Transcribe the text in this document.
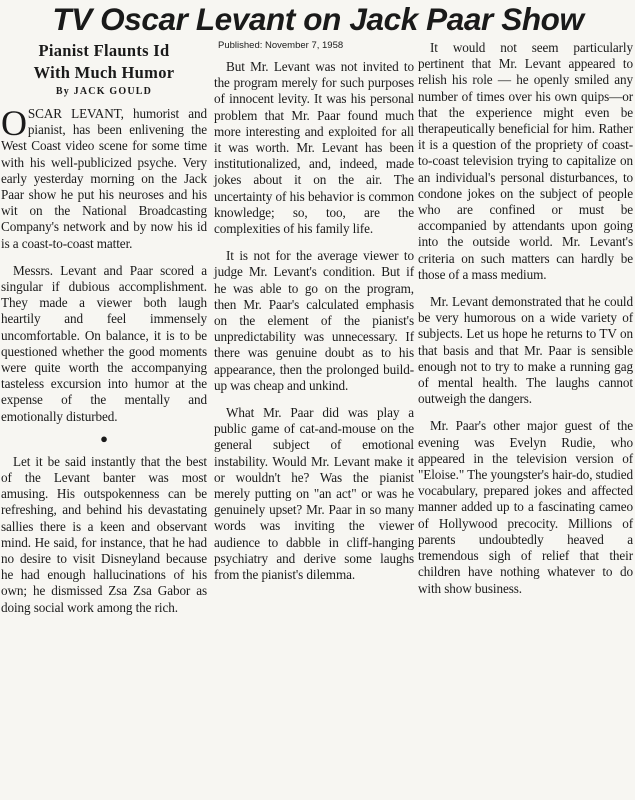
TV Oscar Levant on Jack Paar Show
Pianist Flaunts Id
With Much Humor
By JACK GOULD

OSCAR LEVANT, humorist and pianist, has been enlivening the West Coast video scene for some time with his well-publicized psyche. Very early yesterday morning on the Jack Paar show he put his neuroses and his wit on the National Broadcasting Company's network and by now his id is a coast-to-coast matter.

Messrs. Levant and Paar scored a singular if dubious accomplishment. They made a viewer both laugh heartily and feel immensely uncomfortable. On balance, it is to be questioned whether the good moments were quite worth the accompanying tasteless excursion into humor at the expense of the mentally and emotionally disturbed.

●

Let it be said instantly that the best of the Levant banter was most amusing. His outspokenness can be refreshing, and behind his devastating sallies there is a keen and observant mind. He said, for instance, that he had no desire to visit Disneyland because he had enough hallucinations of his own; he dismissed Zsa Zsa Gabor as doing social work among the rich.

Published: November 7, 1958

But Mr. Levant was not invited to the program merely for such purposes of innocent levity. It was his personal problem that Mr. Paar found much more interesting and exploited for all it was worth. Mr. Levant has been institutionalized, and, indeed, made jokes about it on the air. The uncertainty of his behavior is common knowledge; so, too, are the complexities of his family life.

It is not for the average viewer to judge Mr. Levant's condition. But if he was able to go on the program, then Mr. Paar's calculated emphasis on the element of the pianist's unpredictability was unnecessary. If there was genuine doubt as to his appearance, then the prolonged build-up was cheap and unkind.

What Mr. Paar did was play a public game of cat-and-mouse on the general subject of emotional instability. Would Mr. Levant make it or wouldn't he? Was the pianist merely putting on "an act" or was he genuinely upset? Mr. Paar in so many words was inviting the viewer audience to dabble in cliff-hanging psychiatry and derive some laughs from the pianist's dilemma.

It would not seem particularly pertinent that Mr. Levant appeared to relish his role — he openly smiled any number of times over his own quips—or that the experience might even be therapeutically beneficial for him. Rather it is a question of the propriety of coast-to-coast television trying to capitalize on an individual's personal disturbances, to condone jokes on the subject of people who are confined or must be accompanied by attendants upon going into the outside world. Mr. Levant's criteria on such matters can hardly be those of a mass medium.

Mr. Levant demonstrated that he could be very humorous on a wide variety of subjects. Let us hope he returns to TV on that basis and that Mr. Paar is sensible enough not to try to make a running gag of mental health. The laughs cannot outweigh the dangers.

Mr. Paar's other major guest of the evening was Evelyn Rudie, who appeared in the television version of "Eloise." The youngster's hair-do, studied vocabulary, prepared jokes and affected manner added up to a fascinating cameo of Hollywood precocity. Millions of parents undoubtedly heaved a tremendous sigh of relief that their children have nothing whatever to do with show business.
